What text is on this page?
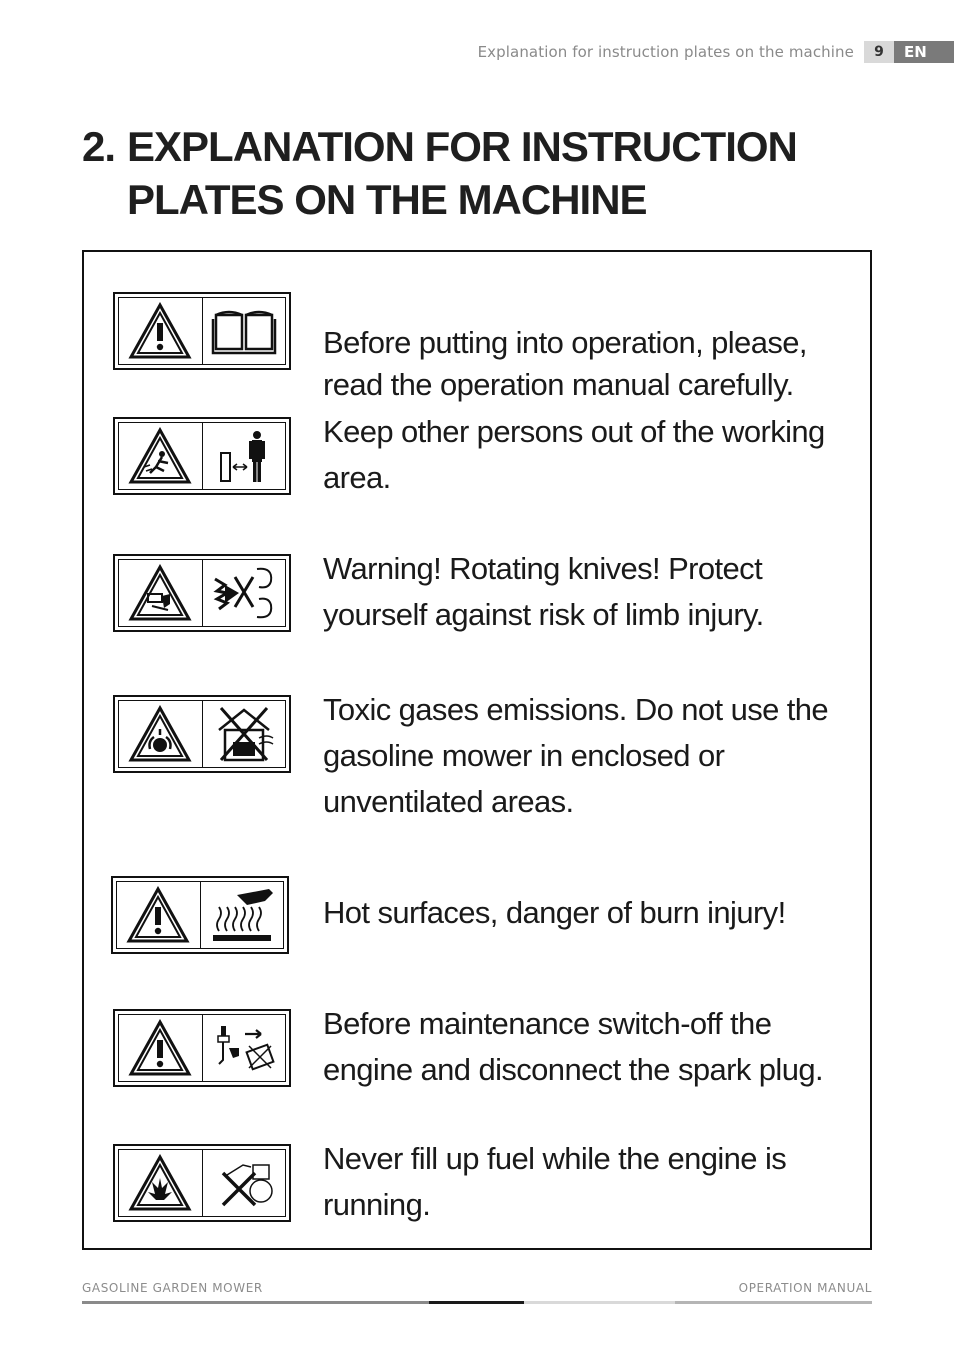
Explanation for instruction plates on the machine	9	EN
2. EXPLANATION FOR INSTRUCTION PLATES ON THE MACHINE
Before putting into operation, please, read the operation manual carefully.
Keep other persons out of the working area.
Warning! Rotating knives! Protect yourself against risk of limb injury.
Toxic gases emissions. Do not use the gasoline mower in enclosed or unventilated areas.
Hot surfaces, danger of burn injury!
Before maintenance switch-off the engine and disconnect the spark plug.
Never fill up fuel while the engine is running.
GASOLINE GARDEN MOWER	OPERATION MANUAL
